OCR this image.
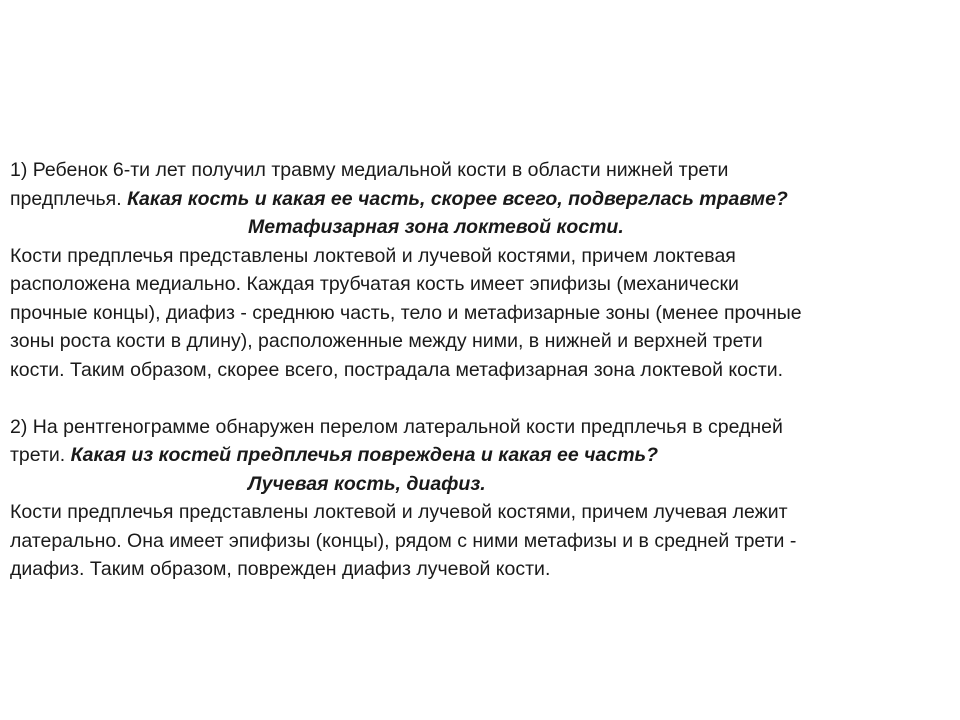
1) Ребенок 6-ти лет получил травму медиальной кости в области нижней трети
предплечья. Какая кость и какая ее часть, скорее всего, подверглась травме?
Метафизарная зона локтевой кости.
Кости предплечья представлены локтевой и лучевой костями, причем локтевая
расположена медиально. Каждая трубчатая кость имеет эпифизы (механически
прочные концы), диафиз - среднюю часть, тело и метафизарные зоны (менее прочные
зоны роста кости в длину), расположенные между ними, в нижней и верхней трети
кости. Таким образом, скорее всего, пострадала метафизарная зона локтевой кости.
2) На рентгенограмме обнаружен перелом латеральной кости предплечья в средней
трети. Какая из костей предплечья повреждена и какая ее часть?
Лучевая кость, диафиз.
Кости предплечья представлены локтевой и лучевой костями, причем лучевая лежит
латерально. Она имеет эпифизы (концы), рядом с ними метафизы и в средней трети -
диафиз. Таким образом, поврежден диафиз лучевой кости.
